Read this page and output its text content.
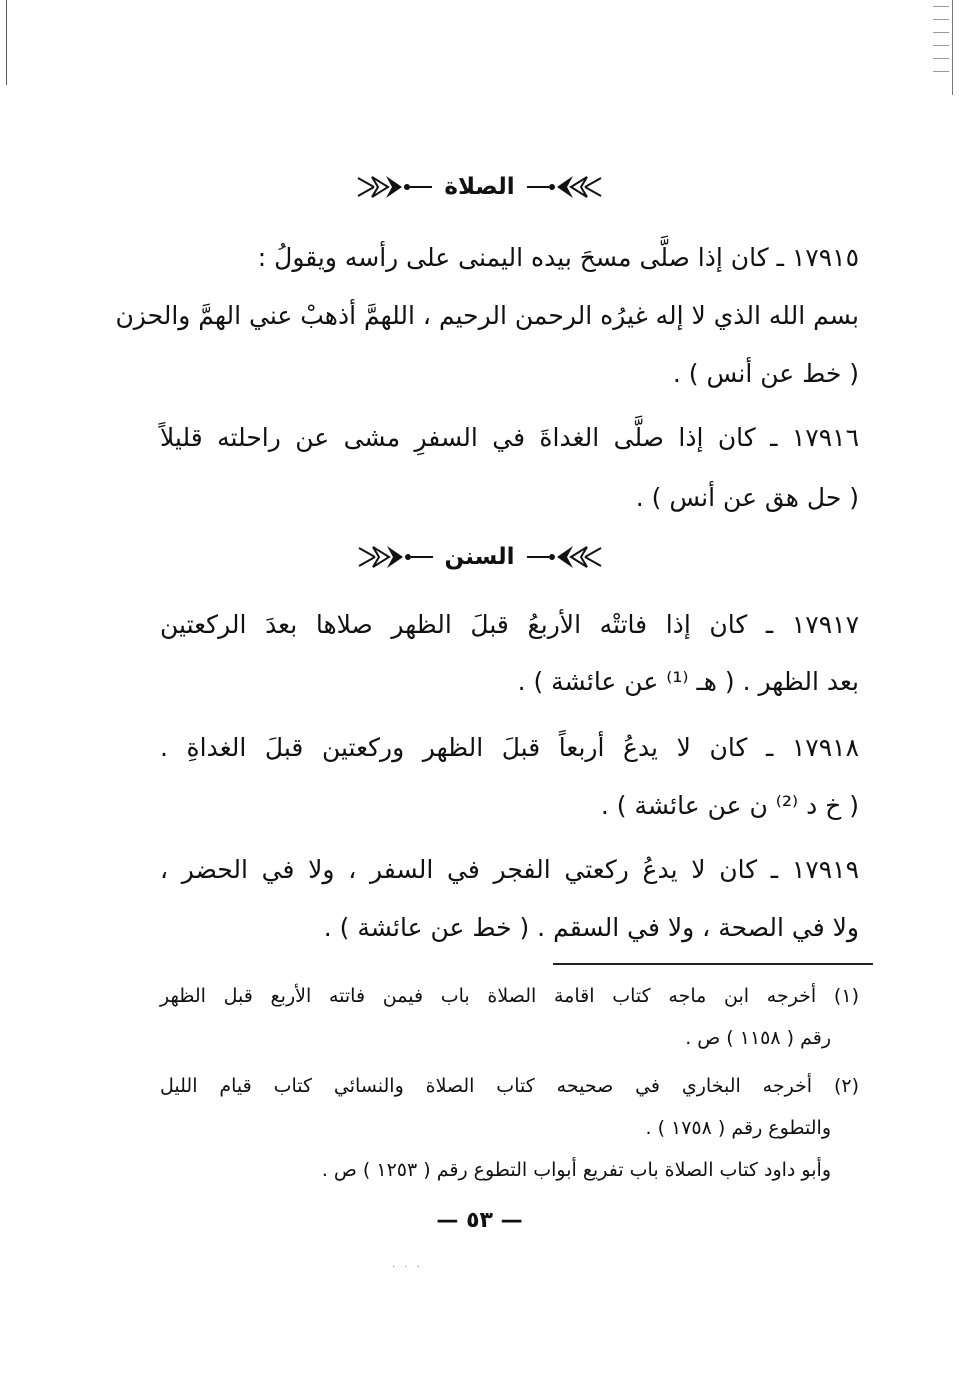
الصلاة
١٧٩١٥ ـ كان إذا صلَّى مسحَ بيده اليمنى على رأسه ويقولُ :
بسم الله الذي لا إله غيرُه الرحمن الرحيم ، اللهمَّ أذهبْ عني الهمَّ والحزن
( خط عن أنس ) .
١٧٩١٦ ـ كان إذا صلَّى الغداةَ في السفرِ مشى عن راحلته قليلاً
( حل هق عن أنس ) .
السنن
١٧٩١٧ ـ كان إذا فاتتْه الأربعُ قبلَ الظهر صلاها بعدَ الركعتين
بعد الظهر . ( هـ ⁽¹⁾ عن عائشة ) .
١٧٩١٨ ـ كان لا يدعُ أربعاً قبلَ الظهر وركعتين قبلَ الغداةِ .
( خ د ⁽²⁾ ن عن عائشة ) .
١٧٩١٩ ـ كان لا يدعُ ركعتي الفجر في السفر ، ولا في الحضر ،
ولا في الصحة ، ولا في السقم . ( خط عن عائشة ) .
(١) أخرجه ابن ماجه كتاب اقامة الصلاة باب فيمن فاتته الأربع قبل الظهر
رقم ( ١١٥٨ ) ص .
(٢) أخرجه البخاري في صحيحه كتاب الصلاة والنسائي كتاب قيام الليل
والتطوع رقم ( ١٧٥٨ ) .
وأبو داود كتاب الصلاة باب تفريع أبواب التطوع رقم ( ١٢٥٣ ) ص .
— ٥٣ —
· · ·
